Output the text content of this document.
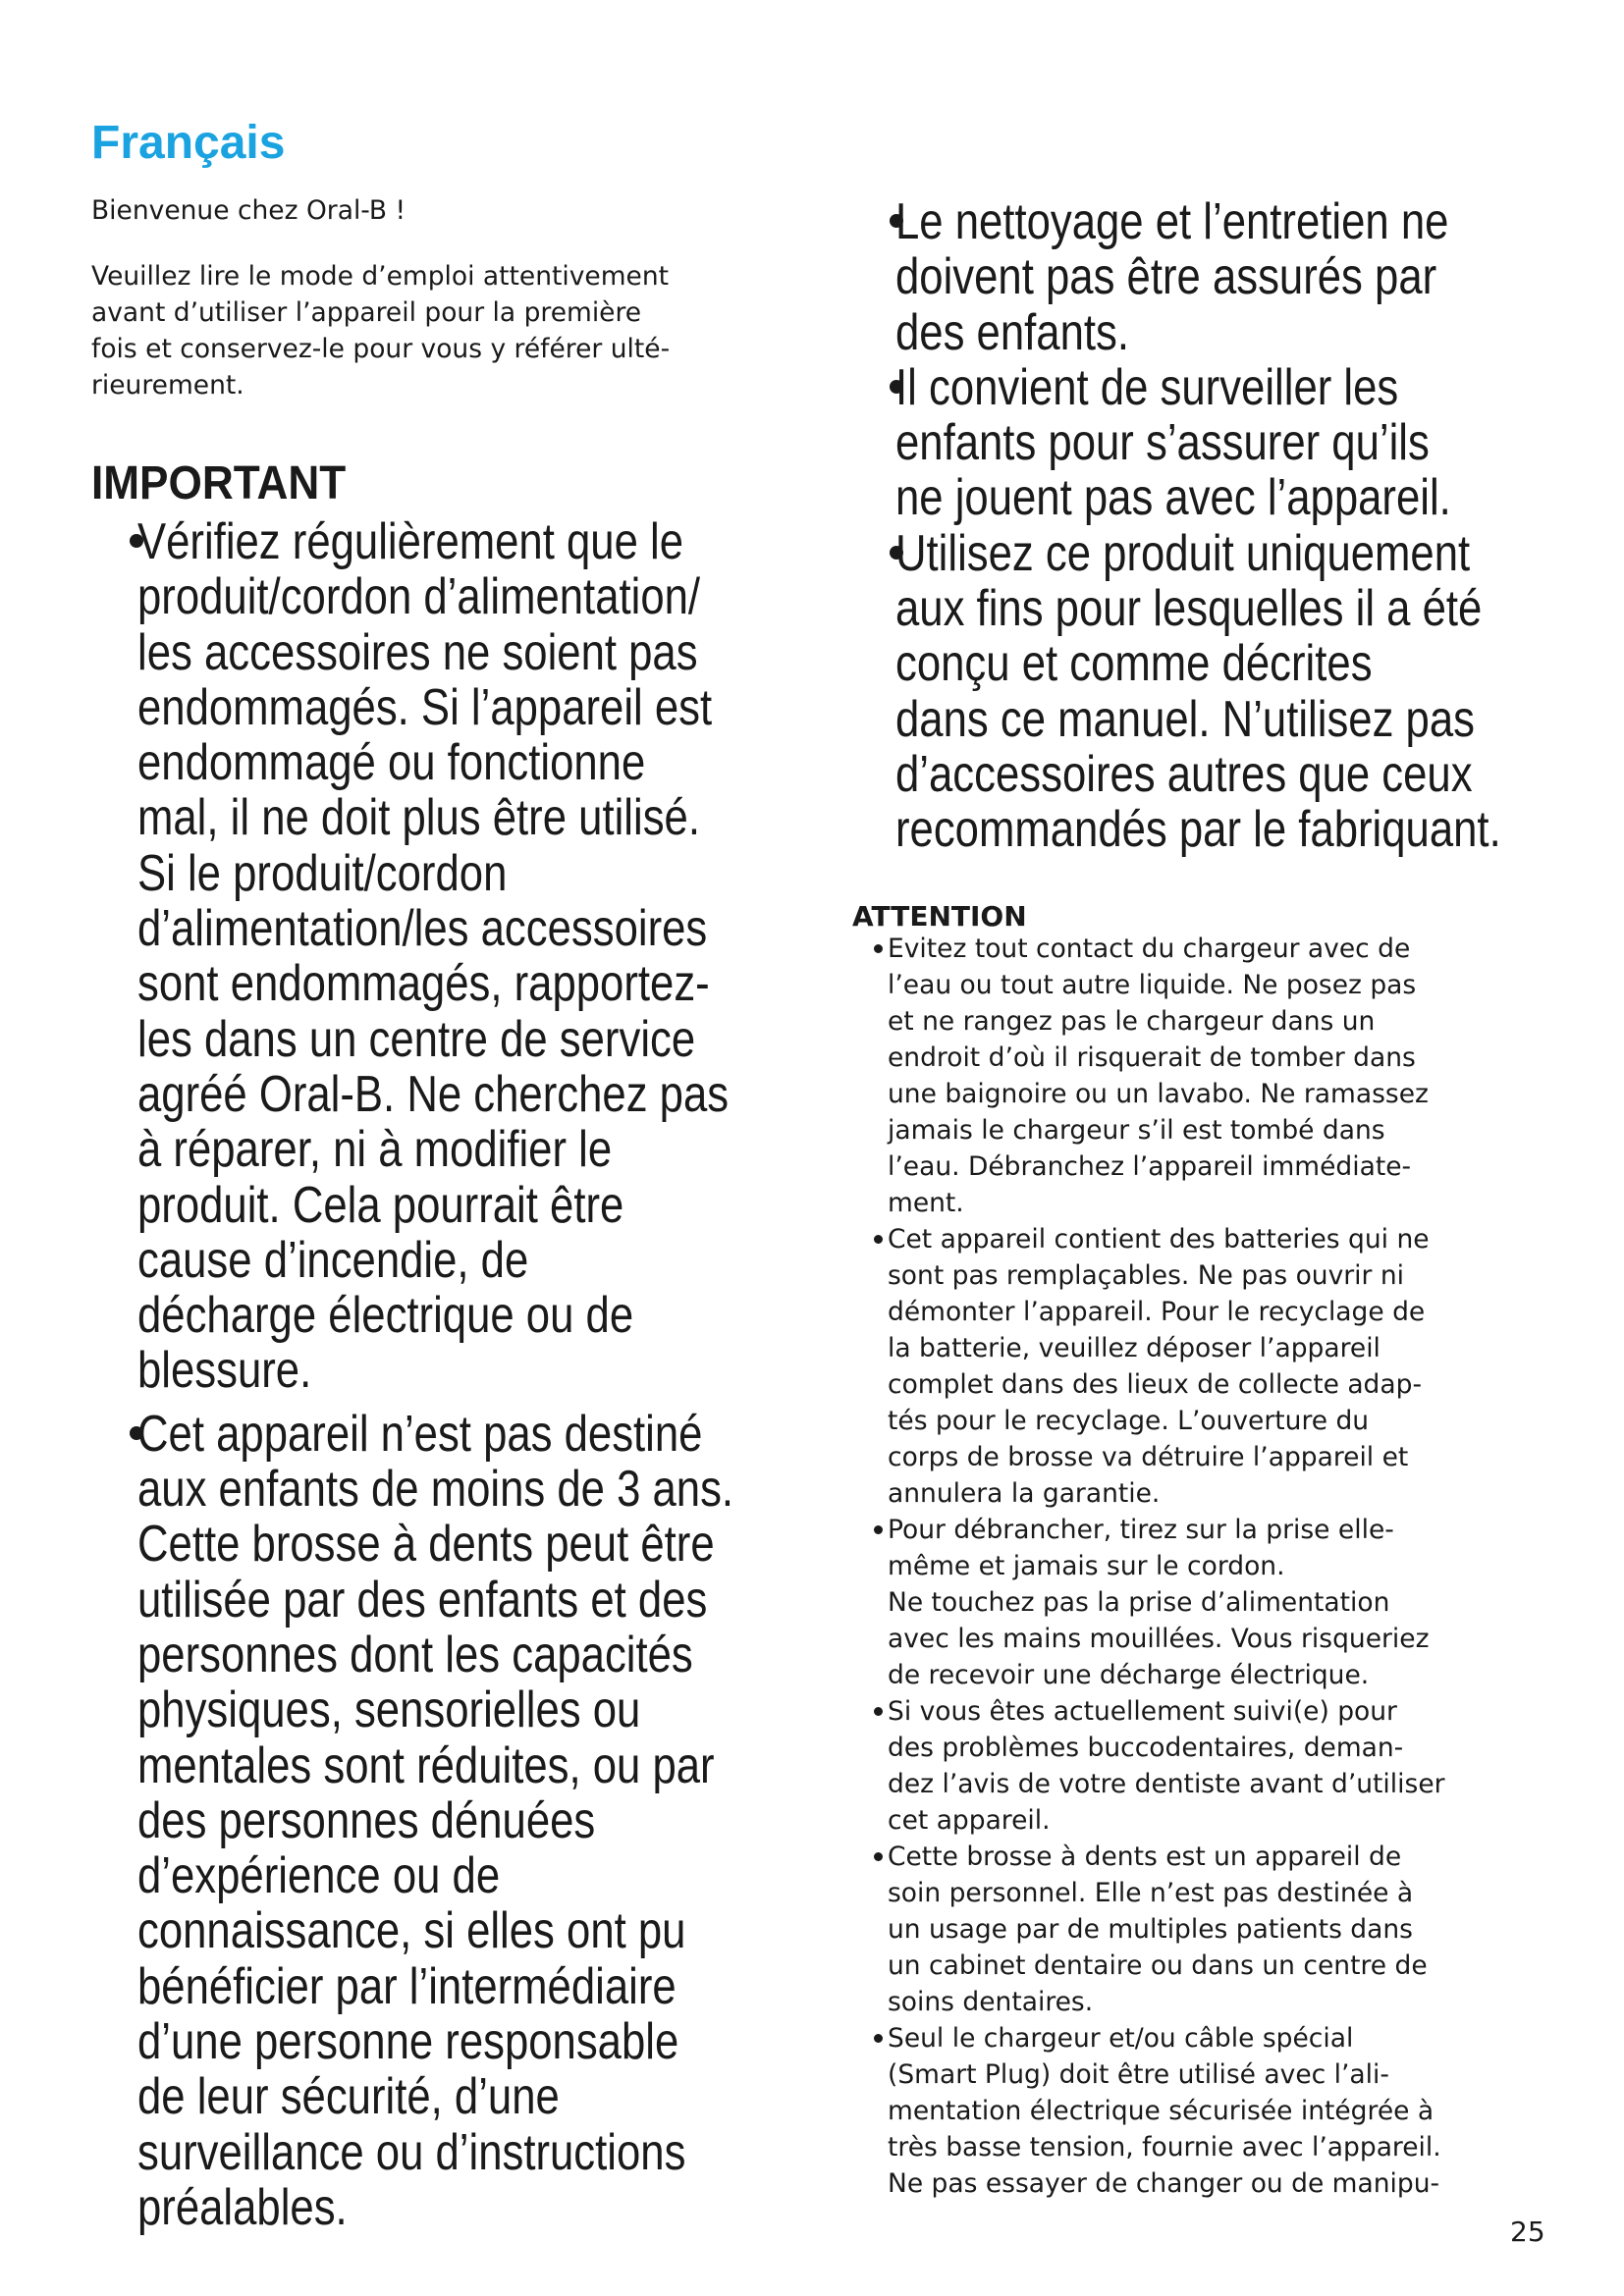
Français

Bienvenue chez Oral-B !

Veuillez lire le mode d’emploi attentivement
avant d’utiliser l’appareil pour la première
fois et conservez-le pour vous y référer ulté-
rieurement.

IMPORTANT

Vérifiez régulièrement que le
produit/cordon d’alimentation/
les accessoires ne soient pas
endommagés. Si l’appareil est
endommagé ou fonctionne
mal, il ne doit plus être utilisé.
Si le produit/cordon
d’alimentation/les accessoires
sont endommagés, rapportez-
les dans un centre de service
agréé Oral-B. Ne cherchez pas
à réparer, ni à modifier le
produit. Cela pourrait être
cause d’incendie, de
décharge électrique ou de
blessure.

Cet appareil n’est pas destiné
aux enfants de moins de 3 ans.
Cette brosse à dents peut être
utilisée par des enfants et des
personnes dont les capacités
physiques, sensorielles ou
mentales sont réduites, ou par
des personnes dénuées
d’expérience ou de
connaissance, si elles ont pu
bénéficier par l’intermédiaire
d’une personne responsable
de leur sécurité, d’une
surveillance ou d’instructions
préalables.

Le nettoyage et l’entretien ne
doivent pas être assurés par
des enfants.

Il convient de surveiller les
enfants pour s’assurer qu’ils
ne jouent pas avec l’appareil.

Utilisez ce produit uniquement
aux fins pour lesquelles il a été
conçu et comme décrites
dans ce manuel. N’utilisez pas
d’accessoires autres que ceux
recommandés par le fabriquant.

ATTENTION

Evitez tout contact du chargeur avec de
l’eau ou tout autre liquide. Ne posez pas
et ne rangez pas le chargeur dans un
endroit d’où il risquerait de tomber dans
une baignoire ou un lavabo. Ne ramassez
jamais le chargeur s’il est tombé dans
l’eau. Débranchez l’appareil immédiate-
ment.

Cet appareil contient des batteries qui ne
sont pas remplaçables. Ne pas ouvrir ni
démonter l’appareil. Pour le recyclage de
la batterie, veuillez déposer l’appareil
complet dans des lieux de collecte adap-
tés pour le recyclage. L’ouverture du
corps de brosse va détruire l’appareil et
annulera la garantie.

Pour débrancher, tirez sur la prise elle-
même et jamais sur le cordon.
Ne touchez pas la prise d’alimentation
avec les mains mouillées. Vous risqueriez
de recevoir une décharge électrique.

Si vous êtes actuellement suivi(e) pour
des problèmes buccodentaires, deman-
dez l’avis de votre dentiste avant d’utiliser
cet appareil.

Cette brosse à dents est un appareil de
soin personnel. Elle n’est pas destinée à
un usage par de multiples patients dans
un cabinet dentaire ou dans un centre de
soins dentaires.

Seul le chargeur et/ou câble spécial
(Smart Plug) doit être utilisé avec l’ali-
mentation électrique sécurisée intégrée à
très basse tension, fournie avec l’appareil.
Ne pas essayer de changer ou de manipu-

25
